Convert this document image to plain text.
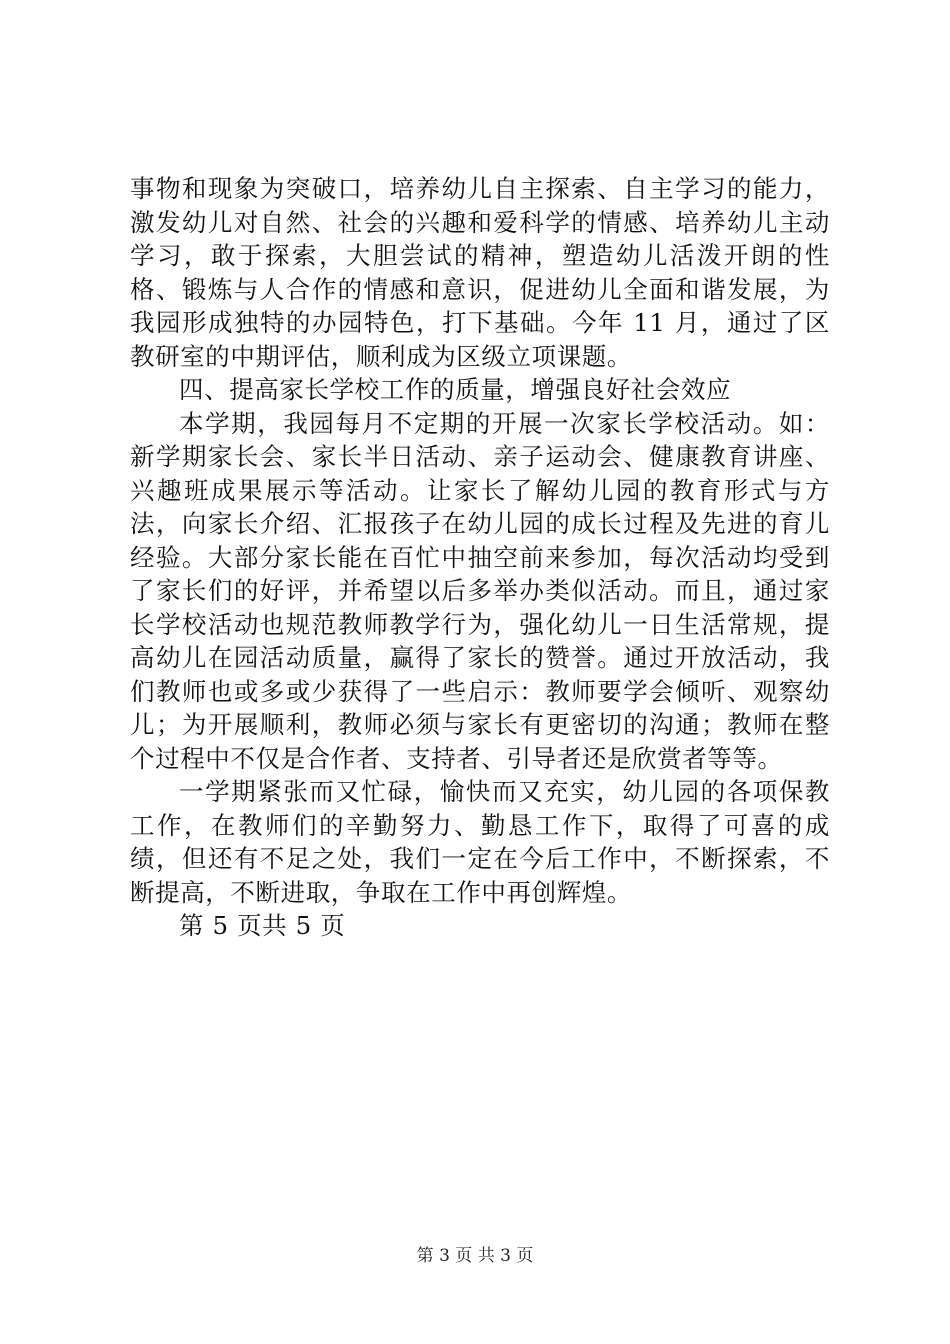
事物和现象为突破口，培养幼儿自主探索、自主学习的能力，激发幼儿对自然、社会的兴趣和爱科学的情感、培养幼儿主动学习，敢于探索，大胆尝试的精神，塑造幼儿活泼开朗的性格、锻炼与人合作的情感和意识，促进幼儿全面和谐发展，为我园形成独特的办园特色，打下基础。今年 11 月，通过了区教研室的中期评估，顺利成为区级立项课题。

四、提高家长学校工作的质量，增强良好社会效应

本学期，我园每月不定期的开展一次家长学校活动。如：新学期家长会、家长半日活动、亲子运动会、健康教育讲座、兴趣班成果展示等活动。让家长了解幼儿园的教育形式与方法，向家长介绍、汇报孩子在幼儿园的成长过程及先进的育儿经验。大部分家长能在百忙中抽空前来参加，每次活动均受到了家长们的好评，并希望以后多举办类似活动。而且，通过家长学校活动也规范教师教学行为，强化幼儿一日生活常规，提高幼儿在园活动质量，赢得了家长的赞誉。通过开放活动，我们教师也或多或少获得了一些启示：教师要学会倾听、观察幼儿；为开展顺利，教师必须与家长有更密切的沟通；教师在整个过程中不仅是合作者、支持者、引导者还是欣赏者等等。

一学期紧张而又忙碌，愉快而又充实，幼儿园的各项保教工作，在教师们的辛勤努力、勤恳工作下，取得了可喜的成绩，但还有不足之处，我们一定在今后工作中，不断探索，不断提高，不断进取，争取在工作中再创辉煌。

第 5 页共 5 页

第 3 页 共 3 页
